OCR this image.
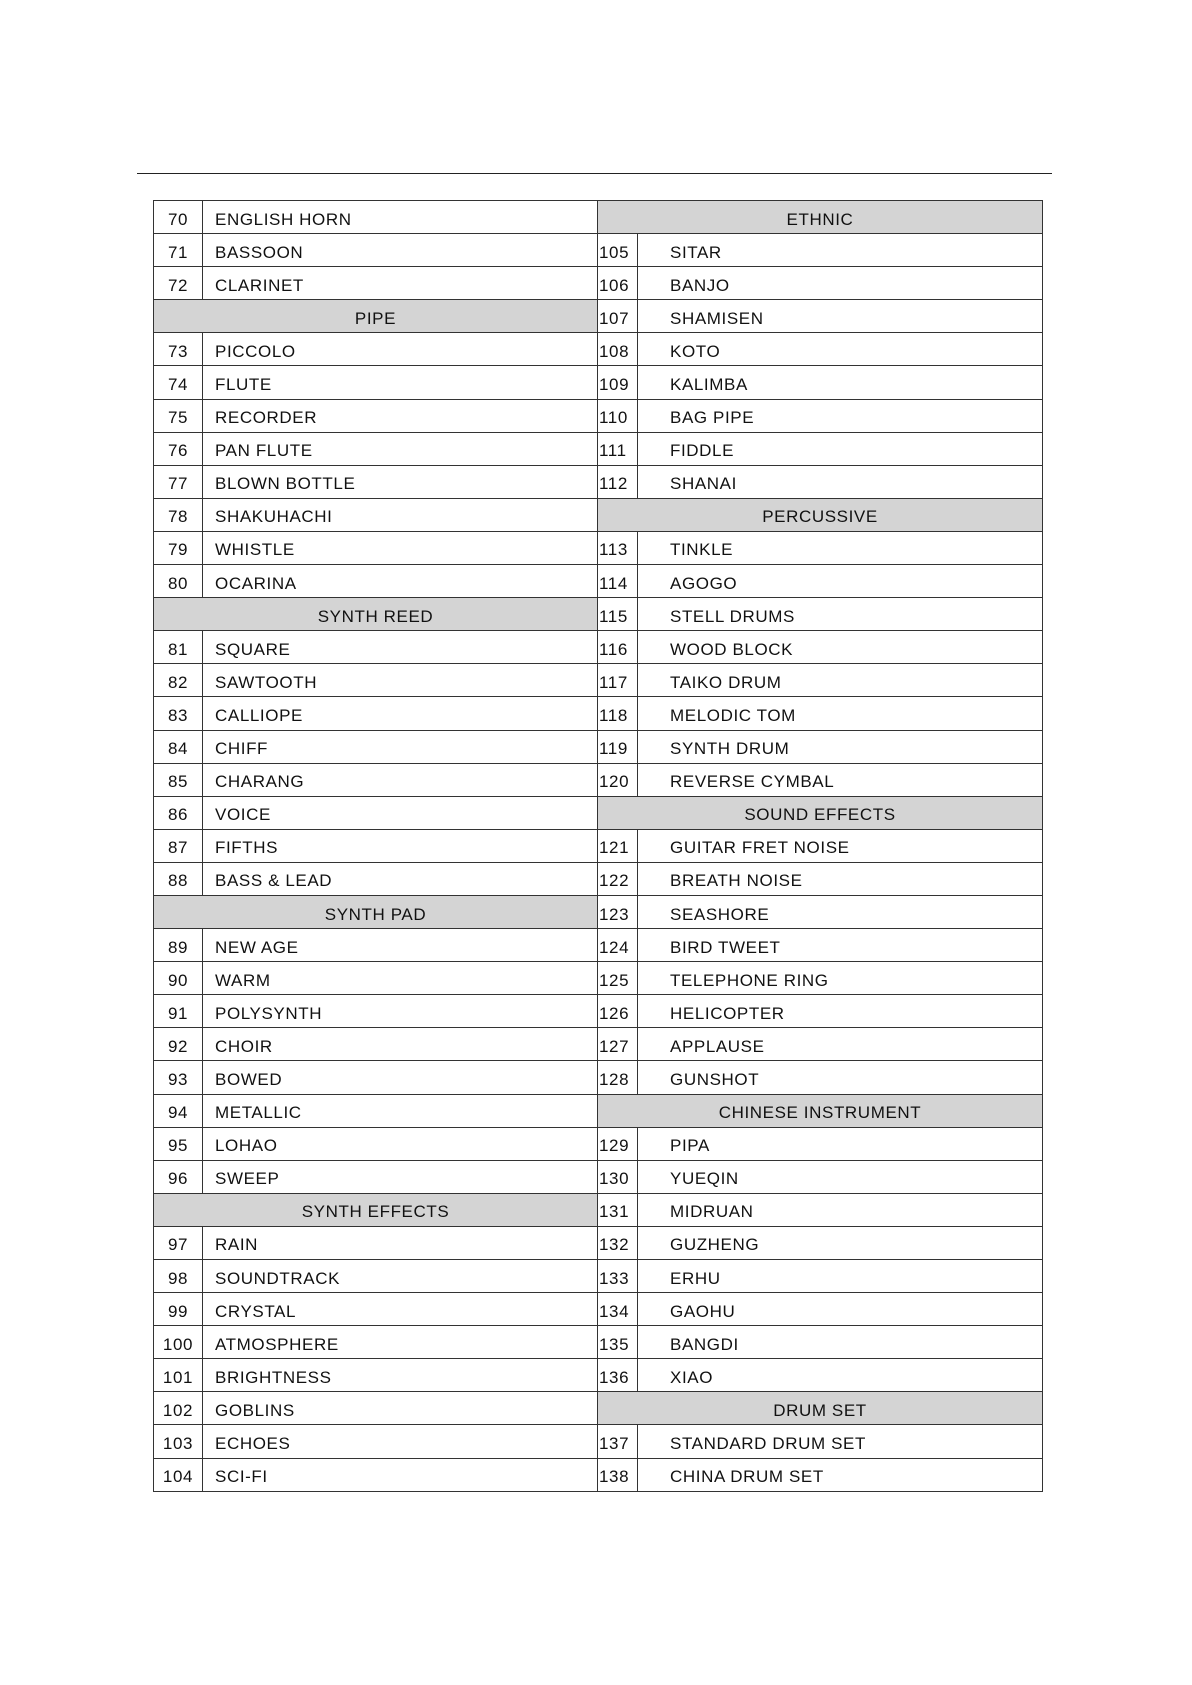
70	ENGLISH HORN
71	BASSOON
72	CLARINET
PIPE	
73	PICCOLO
74	FLUTE
75	RECORDER
76	PAN FLUTE
77	BLOWN BOTTLE
78	SHAKUHACHI
79	WHISTLE
80	OCARINA
SYNTH REED	
81	SQUARE
82	SAWTOOTH
83	CALLIOPE
84	CHIFF
85	CHARANG
86	VOICE
87	FIFTHS
88	BASS & LEAD
SYNTH PAD	
89	NEW AGE
90	WARM
91	POLYSYNTH
92	CHOIR
93	BOWED
94	METALLIC
95	LOHAO
96	SWEEP
SYNTH EFFECTS	
97	RAIN
98	SOUNDTRACK
99	CRYSTAL
100	ATMOSPHERE
101	BRIGHTNESS
102	GOBLINS
103	ECHOES
104	SCI-FI
ETHNIC	
105	SITAR
106	BANJO
107	SHAMISEN
108	KOTO
109	KALIMBA
110	BAG PIPE
111	FIDDLE
112	SHANAI
PERCUSSIVE	
113	TINKLE
114	AGOGO
115	STELL DRUMS
116	WOOD BLOCK
117	TAIKO DRUM
118	MELODIC TOM
119	SYNTH DRUM
120	REVERSE CYMBAL
SOUND EFFECTS	
121	GUITAR FRET NOISE
122	BREATH NOISE
123	SEASHORE
124	BIRD TWEET
125	TELEPHONE RING
126	HELICOPTER
127	APPLAUSE
128	GUNSHOT
CHINESE INSTRUMENT	
129	PIPA
130	YUEQIN
131	MIDRUAN
132	GUZHENG
133	ERHU
134	GAOHU
135	BANGDI
136	XIAO
DRUM SET	
137	STANDARD DRUM SET
138	CHINA DRUM SET
